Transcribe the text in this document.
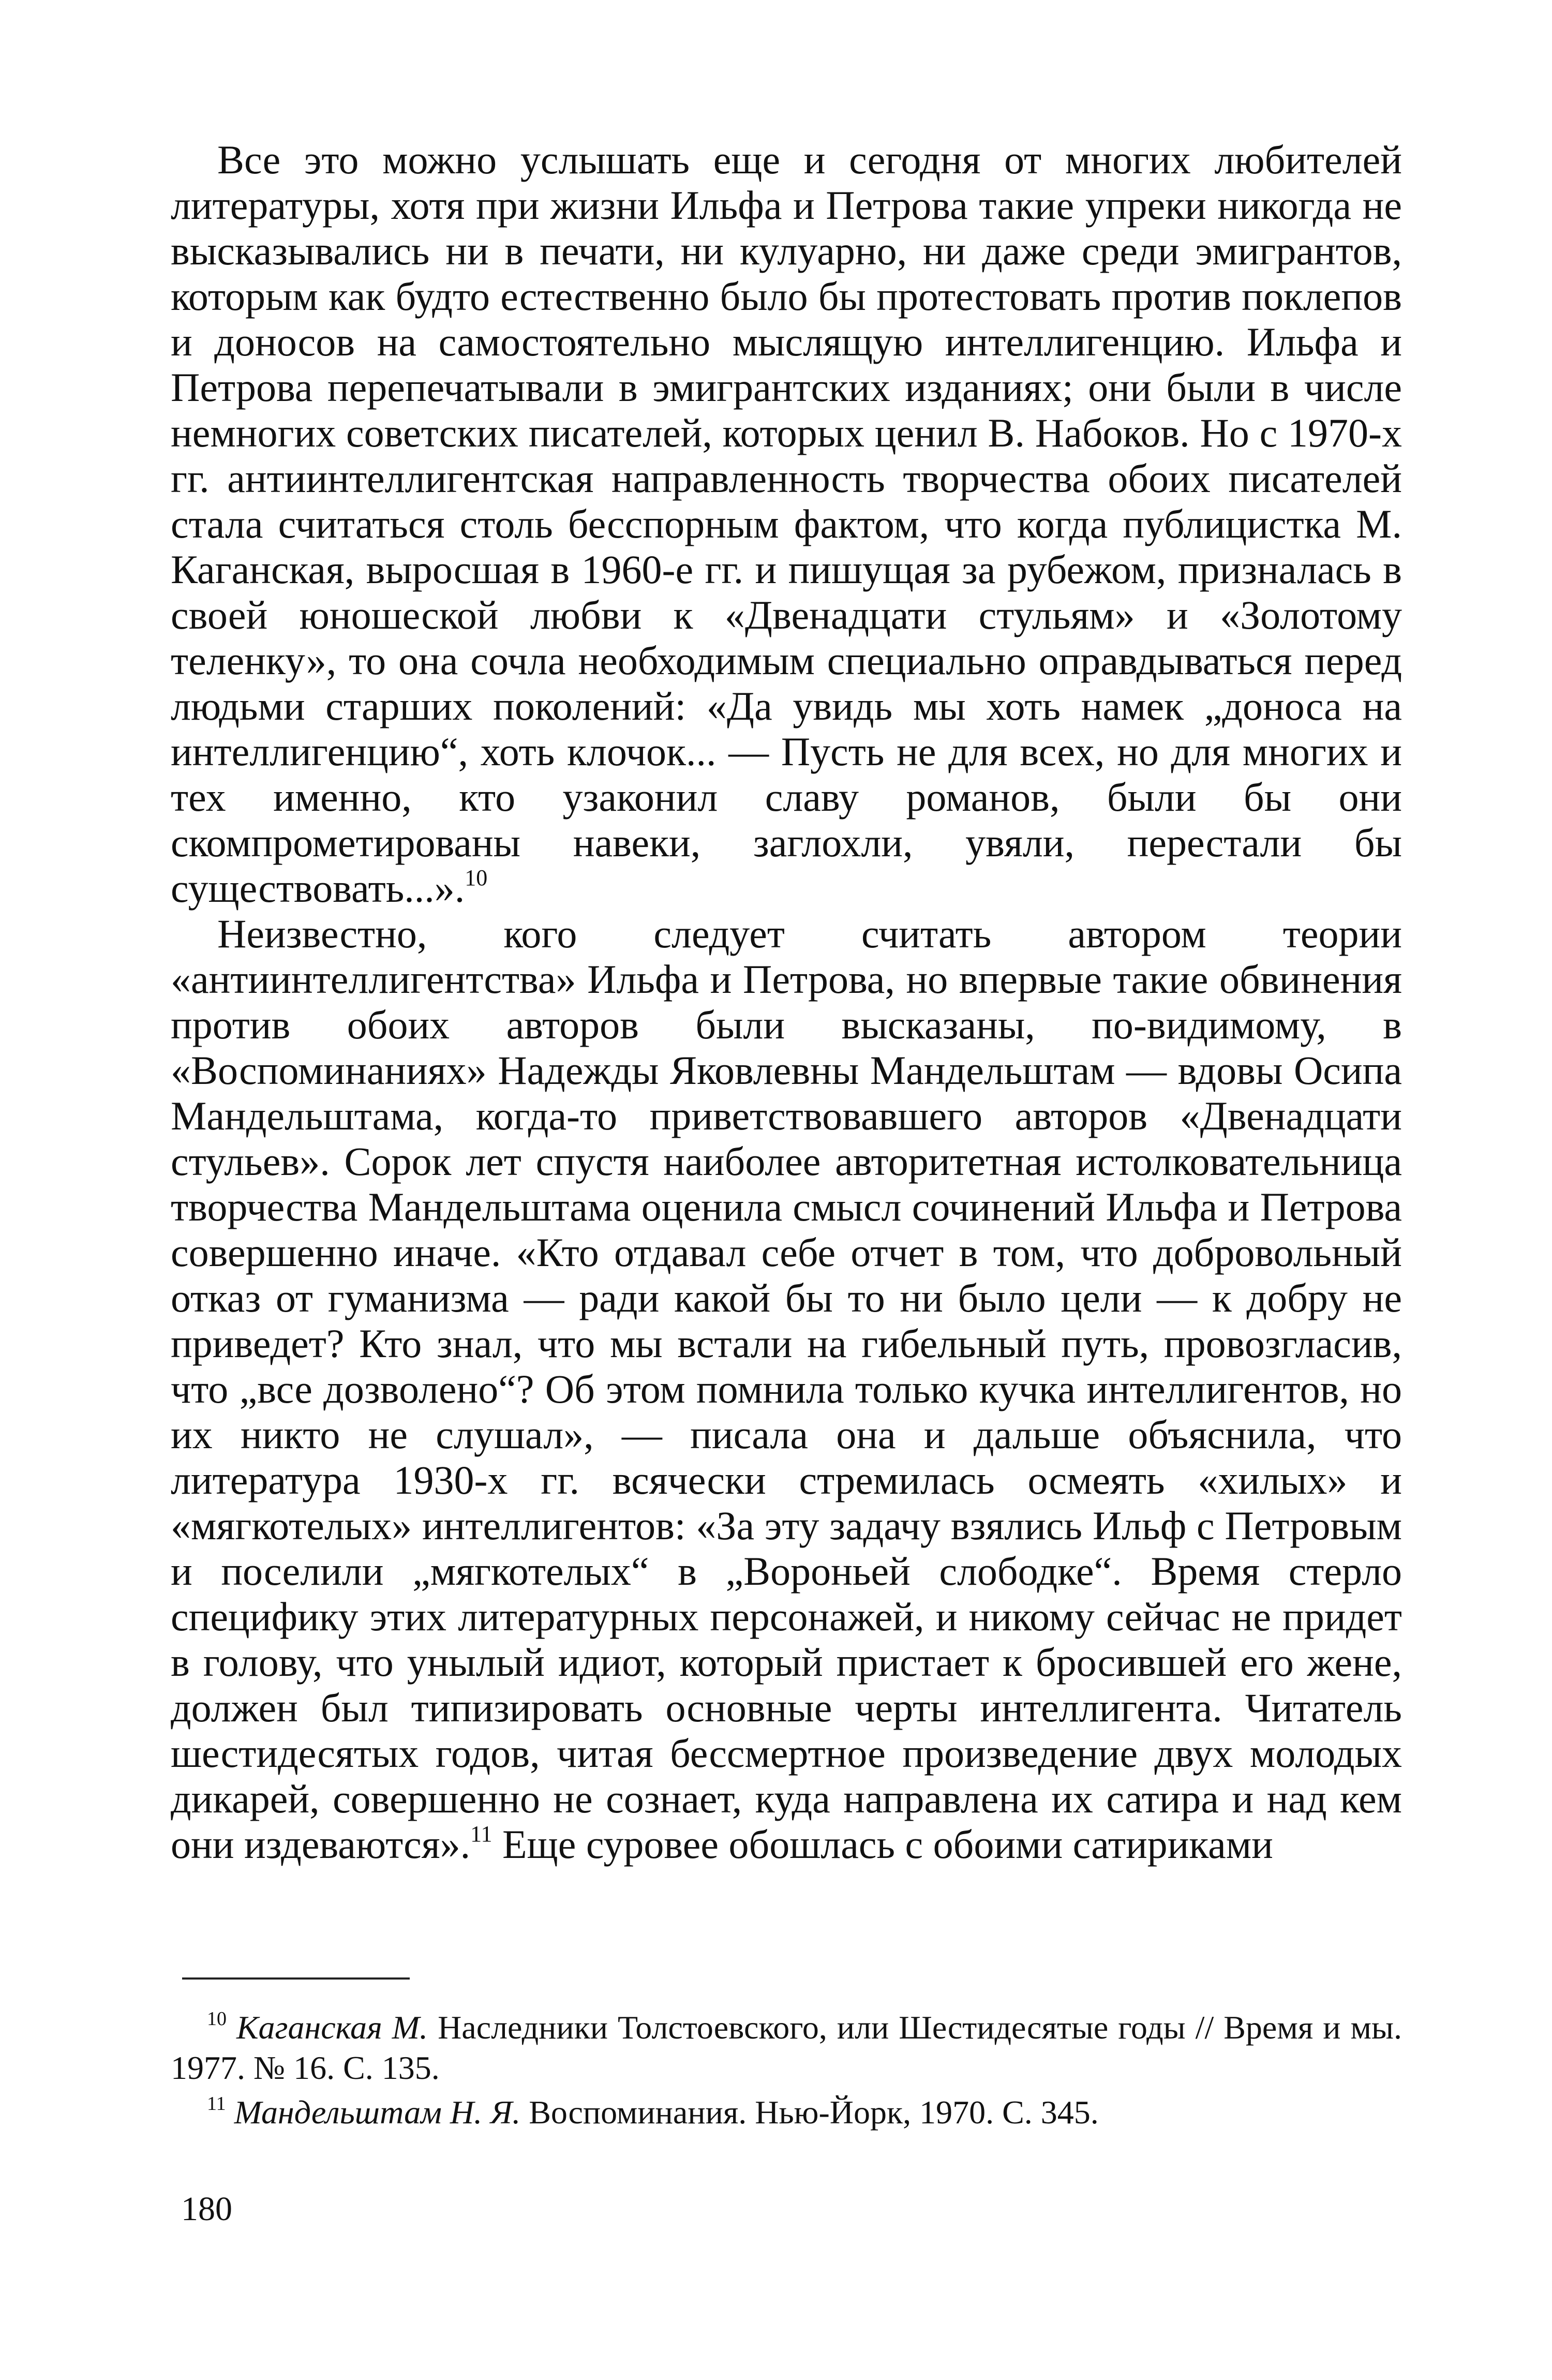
Все это можно услышать еще и сегодня от многих любителей литературы, хотя при жизни Ильфа и Петрова такие упреки никогда не высказывались ни в печати, ни кулуарно, ни даже среди эмигрантов, которым как будто естественно было бы протестовать против поклепов и доносов на самостоятельно мыслящую интеллигенцию. Ильфа и Петрова перепечатывали в эмигрантских изданиях; они были в числе немногих советских писателей, которых ценил В. Набоков. Но с 1970-х гг. антиинтеллигентская направленность творчества обоих писателей стала считаться столь бесспорным фактом, что когда публицистка М. Каганская, выросшая в 1960-е гг. и пишущая за рубежом, призналась в своей юношеской любви к «Двенадцати стульям» и «Золотому теленку», то она сочла необходимым специально оправдываться перед людьми старших поколений: «Да увидь мы хоть намек „доноса на интеллигенцию“, хоть клочок... — Пусть не для всех, но для многих и тех именно, кто узаконил славу романов, были бы они скомпрометированы навеки, заглохли, увяли, перестали бы существовать...».$^{10}$

Неизвестно, кого следует считать автором теории «антиинтеллигентства» Ильфа и Петрова, но впервые такие обвинения против обоих авторов были высказаны, по-видимому, в «Воспоминаниях» Надежды Яковлевны Мандельштам — вдовы Осипа Мандельштама, когда-то приветствовавшего авторов «Двенадцати стульев». Сорок лет спустя наиболее авторитетная истолковательница творчества Мандельштама оценила смысл сочинений Ильфа и Петрова совершенно иначе. «Кто отдавал себе отчет в том, что добровольный отказ от гуманизма — ради какой бы то ни было цели — к добру не приведет? Кто знал, что мы встали на гибельный путь, провозгласив, что „все дозволено“? Об этом помнила только кучка интеллигентов, но их никто не слушал», — писала она и дальше объяснила, что литература 1930-х гг. всячески стремилась осмеять «хилых» и «мягкотелых» интеллигентов: «За эту задачу взялись Ильф с Петровым и поселили „мягкотелых“ в „Вороньей слободке“. Время стерло специфику этих литературных персонажей, и никому сейчас не придет в голову, что унылый идиот, который пристает к бросившей его жене, должен был типизировать основные черты интеллигента. Читатель шестидесятых годов, читая бессмертное произведение двух молодых дикарей, совершенно не сознает, куда направлена их сатира и над кем они издеваются».$^{11}$ Еще суровее обошлась с обоими сатириками

$^{10}$ Каганская М. Наследники Толстоевского, или Шестидесятые годы // Время и мы. 1977. № 16. С. 135.

$^{11}$ Мандельштам Н. Я. Воспоминания. Нью-Йорк, 1970. С. 345.

180
